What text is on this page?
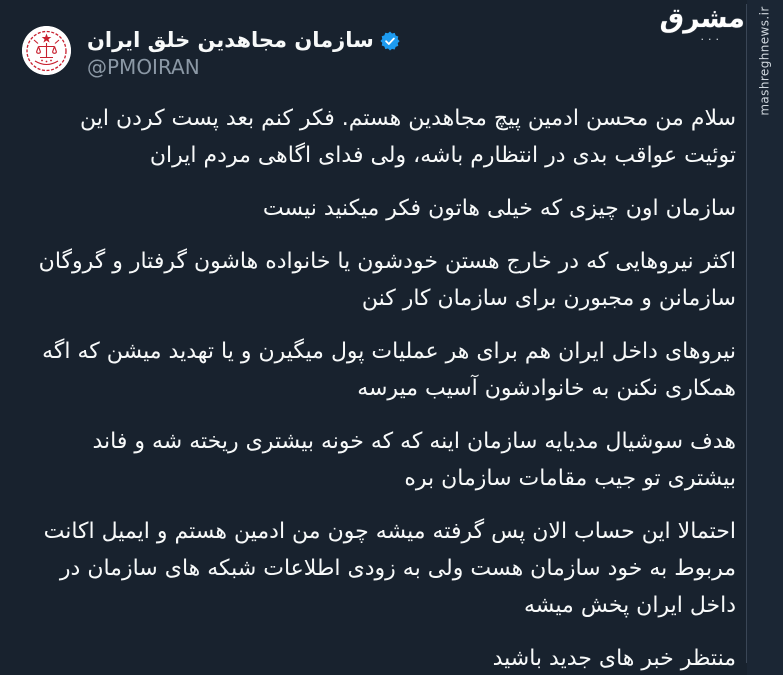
mashreghnews.ir
مشرق
···
سازمان مجاهدین خلق ایران
@PMOIRAN

سلام من محسن ادمین پیچ مجاهدین هستم. فکر کنم بعد پست کردن این توئیت عواقب بدی در انتظارم باشه، ولی فدای اگاهی مردم ایران

سازمان اون چیزی که خیلی هاتون فکر میکنید نیست

اکثر نیروهایی که در خارج هستن خودشون یا خانواده هاشون گرفتار و گروگان سازمانن و مجبورن برای سازمان کار کنن

نیروهای داخل ایران هم برای هر عملیات پول میگیرن و یا تهدید میشن که اگه همکاری نکنن به خانوادشون آسیب میرسه

هدف سوشیال مدیایه سازمان اینه که که خونه بیشتری ریخته شه و فاند بیشتری تو جیب مقامات سازمان بره

احتمالا این حساب الان پس گرفته میشه چون من ادمین هستم و ایمیل اکانت مربوط به خود سازمان هست ولی به زودی اطلاعات شبکه های سازمان در داخل ایران پخش میشه

منتظر خبر های جدید باشید
